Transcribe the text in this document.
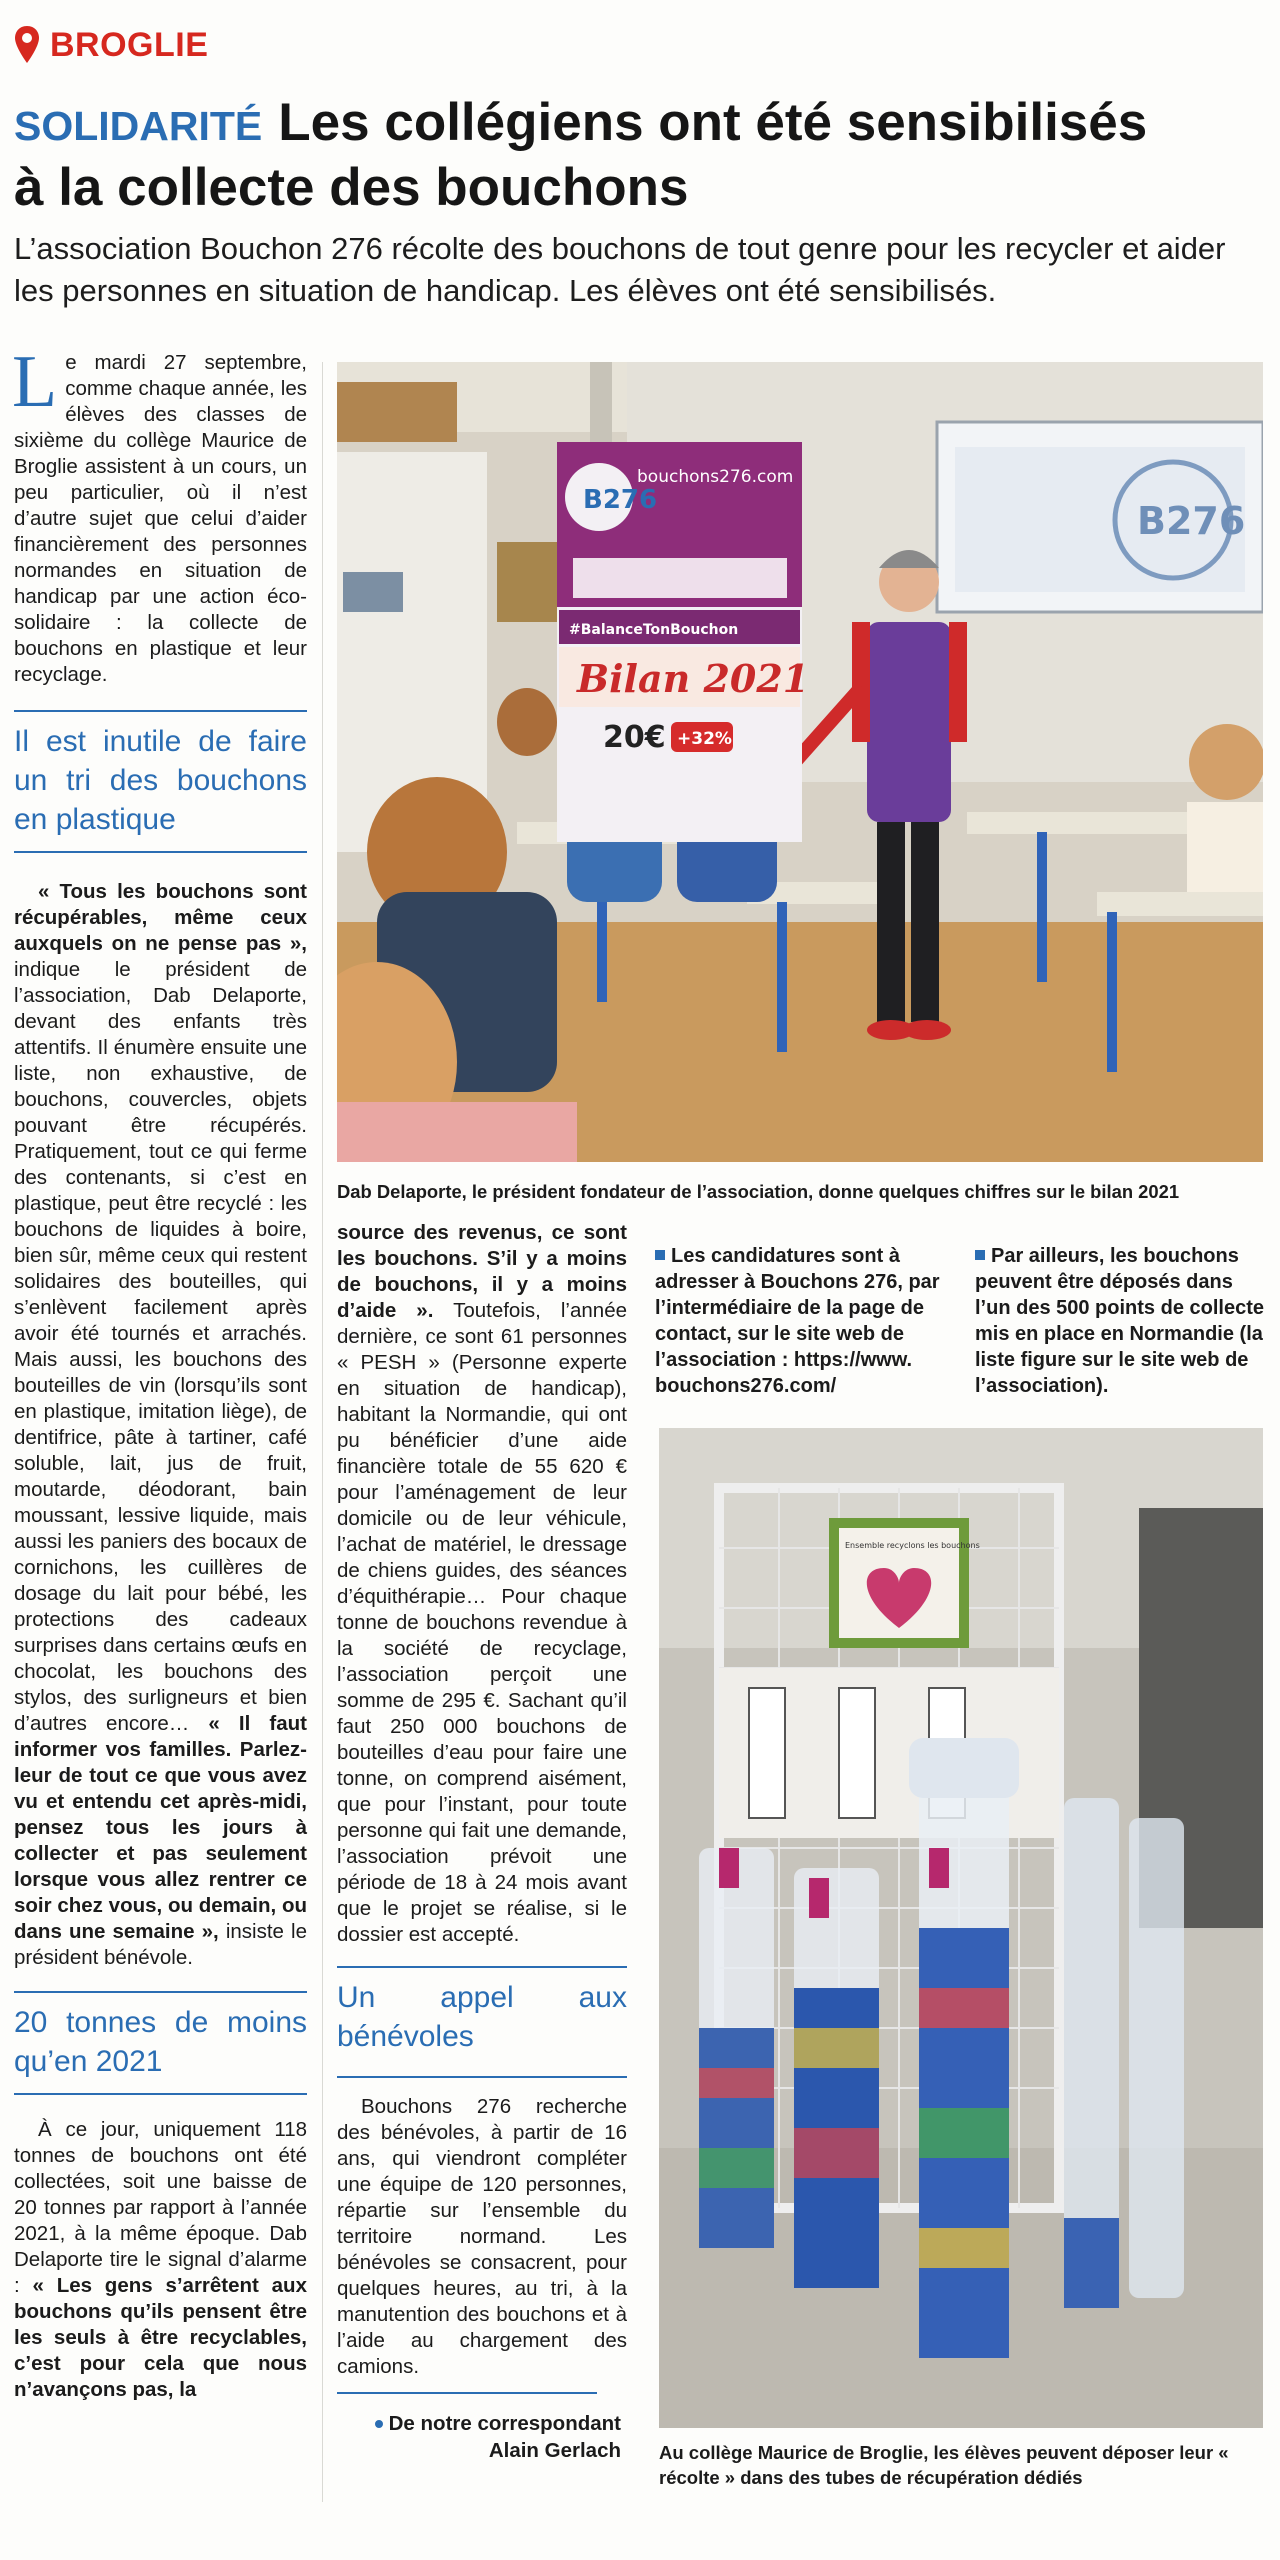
BROGLIE
SOLIDARITÉ Les collégiens ont été sensibilisés
à la collecte des bouchons
L’association Bouchon 276 récolte des bouchons de tout genre pour les recycler et aider les personnes en situation de handicap. Les élèves ont été sensibilisés.
B276
bouchons276.com
#BalanceTonBouchon
Bilan 2021
20€ +32%
B276
Dab Delaporte, le président fondateur de l’association, donne quelques chiffres sur le bilan 2021

Le mardi 27 septembre, comme chaque année, les élèves des classes de sixième du collège Maurice de Broglie assistent à un cours, un peu particulier, où il n’est d’autre sujet que celui d’aider financièrement des personnes normandes en situation de handicap par une action éco-solidaire : la collecte de bouchons en plastique et leur recyclage.

Il est inutile de faire un tri des bouchons en plastique

« Tous les bouchons sont récupérables, même ceux auxquels on ne pense pas », indique le président de l’association, Dab Delaporte, devant des enfants très attentifs. Il énumère ensuite une liste, non exhaustive, de bouchons, couvercles, objets pouvant être récupérés. Pratiquement, tout ce qui ferme des contenants, si c’est en plastique, peut être recyclé : les bouchons de liquides à boire, bien sûr, même ceux qui restent solidaires des bouteilles, qui s’enlèvent facilement après avoir été tournés et arrachés. Mais aussi, les bouchons des bouteilles de vin (lorsqu’ils sont en plastique, imitation liège), de dentifrice, pâte à tartiner, café soluble, lait, jus de fruit, moutarde, déodorant, bain moussant, lessive liquide, mais aussi les paniers des bocaux de cornichons, les cuillères de dosage du lait pour bébé, les protections des cadeaux surprises dans certains œufs en chocolat, les bouchons des stylos, des surligneurs et bien d’autres encore… « Il faut informer vos familles. Parlez-leur de tout ce que vous avez vu et entendu cet après-midi, pensez tous les jours à collecter et pas seulement lorsque vous allez rentrer ce soir chez vous, ou demain, ou dans une semaine », insiste le président bénévole.

20 tonnes de moins qu’en 2021

À ce jour, uniquement 118 tonnes de bouchons ont été collectées, soit une baisse de 20 tonnes par rapport à l’année 2021, à la même époque. Dab Delaporte tire le signal d’alarme : « Les gens s’arrêtent aux bouchons qu’ils pensent être les seuls à être recyclables, c’est pour cela que nous n’avançons pas, la

source des revenus, ce sont les bouchons. S’il y a moins de bouchons, il y a moins d’aide ». Toutefois, l’année dernière, ce sont 61 personnes « PESH » (Personne experte en situation de handicap), habitant la Normandie, qui ont pu bénéficier d’une aide financière totale de 55 620 € pour l’aménagement de leur domicile ou de leur véhicule, l’achat de matériel, le dressage de chiens guides, des séances d’équithérapie… Pour chaque tonne de bouchons revendue à la société de recyclage, l’association perçoit une somme de 295 €. Sachant qu’il faut 250 000 bouchons de bouteilles d’eau pour faire une tonne, on comprend aisément, que pour l’instant, pour toute personne qui fait une demande, l’association prévoit une période de 18 à 24 mois avant que le projet se réalise, si le dossier est accepté.

Un appel aux bénévoles

Bouchons 276 recherche des bénévoles, à partir de 16 ans, qui viendront compléter une équipe de 120 personnes, répartie sur l’ensemble du territoire normand. Les bénévoles se consacrent, pour quelques heures, au tri, à la manutention des bouchons et à l’aide au chargement des camions.

De notre correspondant
Alain Gerlach
Les candidatures sont à adresser à Bouchons 276, par l’intermédiaire de la page de contact, sur le site web de l’association : https://www. bouchons276.com/
Par ailleurs, les bouchons peuvent être déposés dans l’un des 500 points de collecte mis en place en Normandie (la liste figure sur le site web de l’association).
Ensemble recyclons les bouchons
Au collège Maurice de Broglie, les élèves peuvent déposer leur « récolte » dans des tubes de récupération dédiés
